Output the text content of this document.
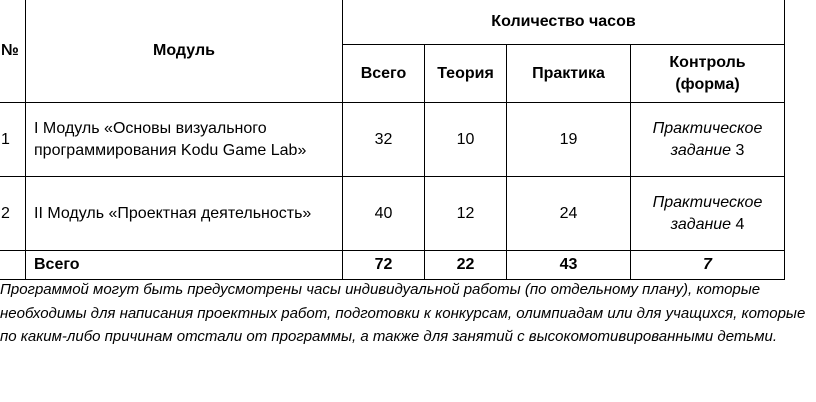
№	Модуль	Количество часов			
		Всего	Теория	Практика	Контроль (форма)
1	I Модуль «Основы визуального программирования Kodu Game Lab»	32	10	19	Практическое задание 3
2	II Модуль «Проектная деятельность»	40	12	24	Практическое задание 4
	Всего	72	22	43	7
Программой могут быть предусмотрены часы индивидуальной работы (по отдельному плану), которые необходимы для написания проектных работ, подготовки к конкурсам, олимпиадам или для учащихся, которые по каким-либо причинам отстали от программы, а также для занятий с высокомотивированными детьми.
